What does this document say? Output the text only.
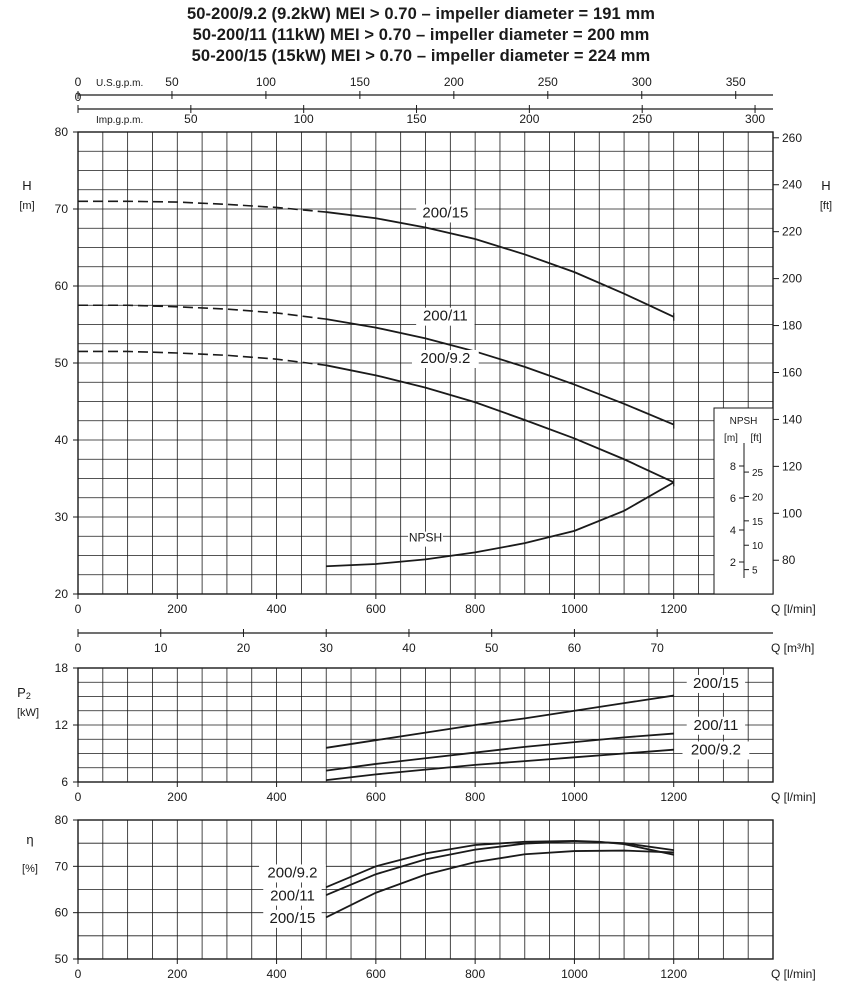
50-200/9.2 (9.2kW) MEI > 0.70 – impeller diameter = 191 mm
50-200/11 (11kW) MEI > 0.70 – impeller diameter = 200 mm
50-200/15 (15kW) MEI > 0.70 – impeller diameter = 224 mm
0	200	400	600	800	1000	1200	Q [l/min]
20
30
40
50
60
70
80
H
[m]	200/15
200/11
200/9.2
NPSH
80
100
120
140
160
180
200
220
240
260
H
[ft]
0	50	100	150	200	250	300	350
U.S.g.p.m.
0
50	100	150	200	250	300
Imp.g.p.m.
0	10	20	30	40	50	60	70	Q [m³/h]
NPSH
[m] [ft]
2
4
6
8
5
10
15
20
25
0	200	400	600	800	1000	1200	Q [l/min]
6
12
18
P2
[kW]
200/15
200/11
200/9.2
0	200	400	600	800	1000	1200	Q [l/min]
50
60
70
80
η
[%]	200/9.2
200/11
200/15
